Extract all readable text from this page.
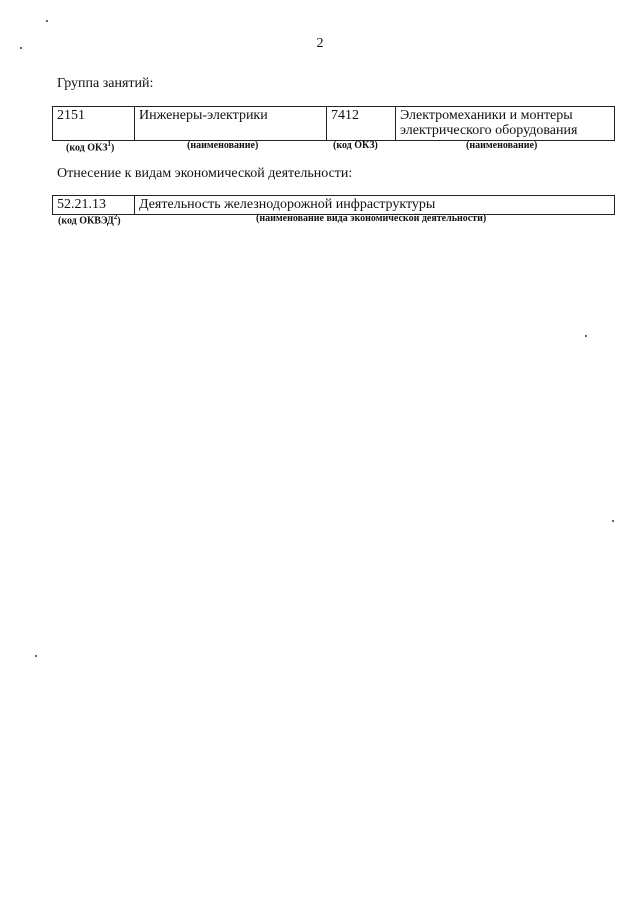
2
Группа занятий:
2151	Инженеры-электрики	7412	Электромеханики и монтеры
электрического оборудования
(код ОКЗ$^1$)	(наименование)	(код ОКЗ)	(наименование)
Отнесение к видам экономической деятельности:
52.21.13	Деятельность железнодорожной инфраструктуры
(код ОКВЭД$^2$)	(наименование вида экономической деятельности)
